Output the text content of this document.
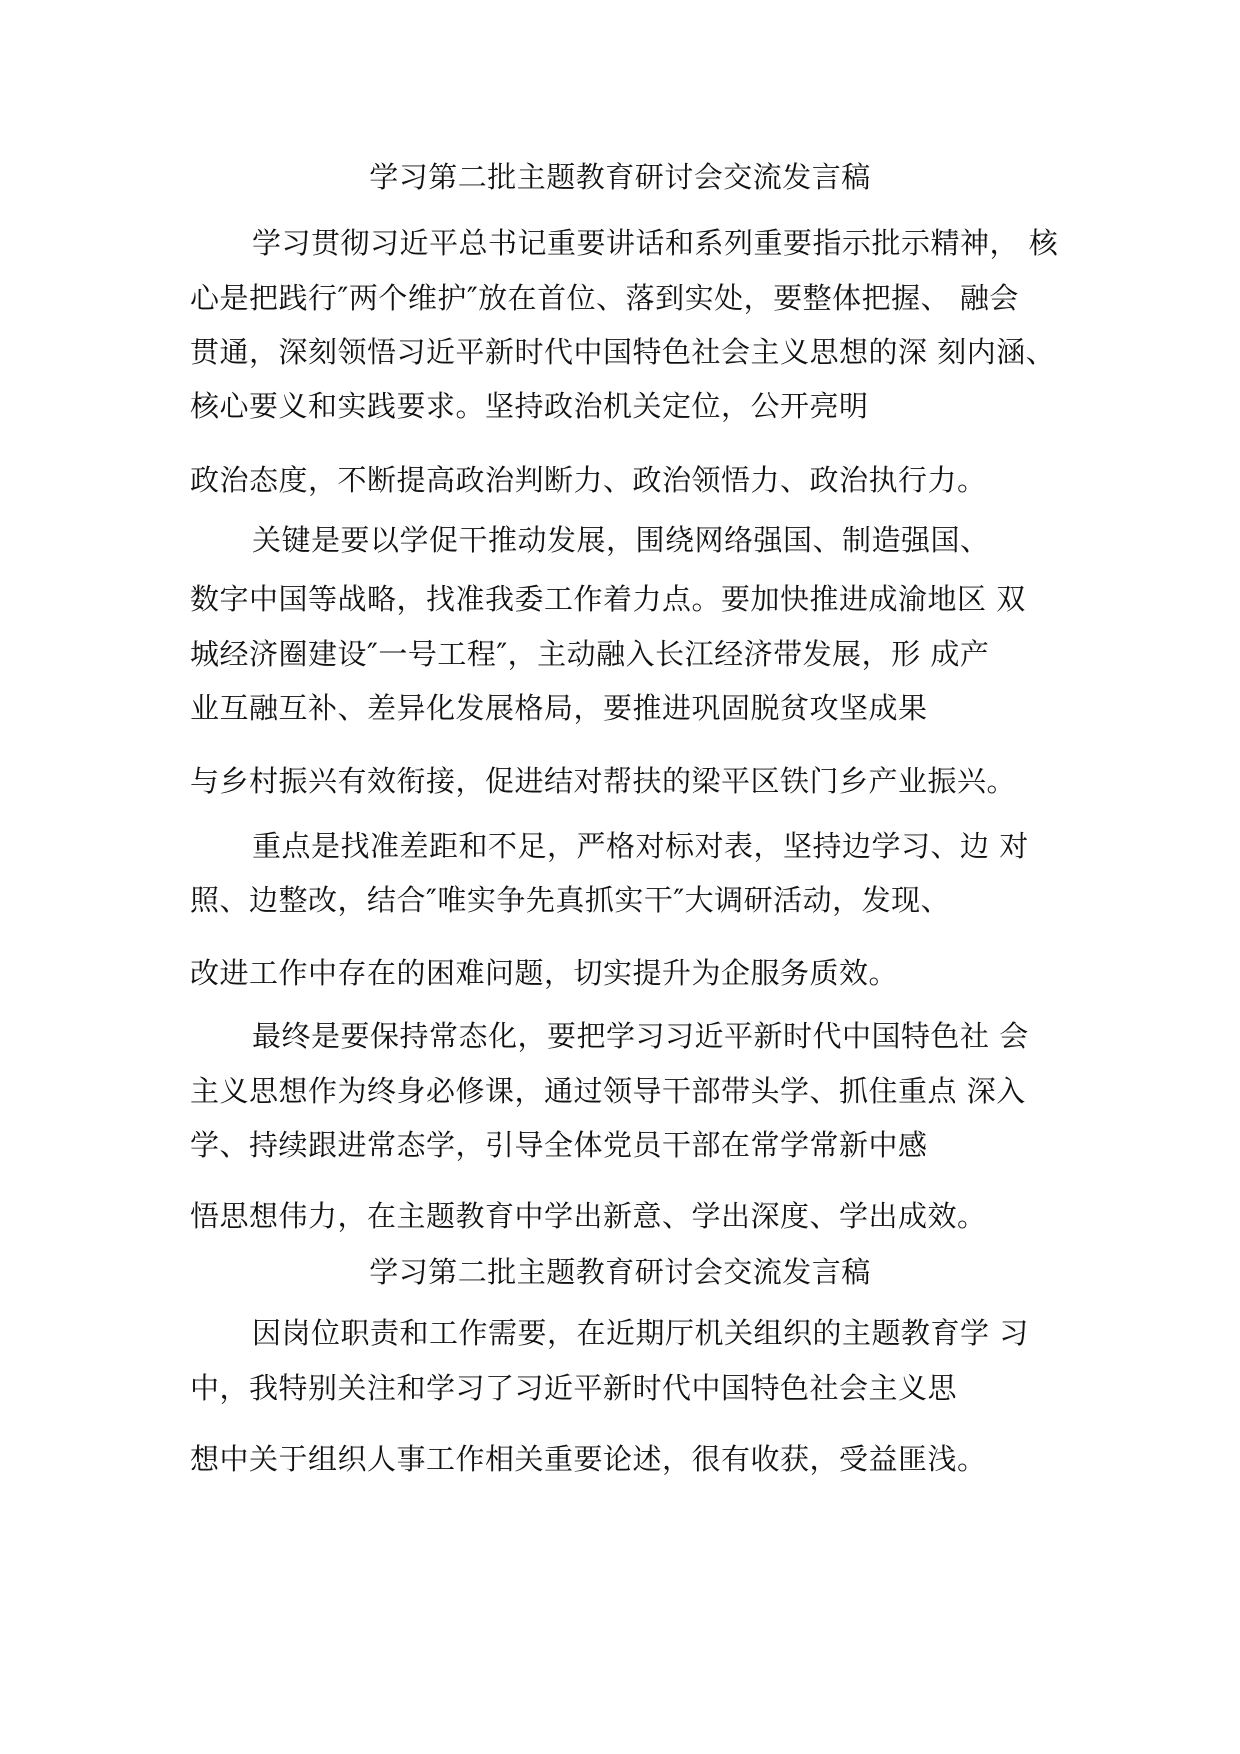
学习第二批主题教育研讨会交流发言稿
学习贯彻习近平总书记重要讲话和系列重要指示批示精神， 核
心是把践行″两个维护″放在首位、落到实处，要整体把握、 融会
贯通，深刻领悟习近平新时代中国特色社会主义思想的深 刻内涵、
核心要义和实践要求。坚持政治机关定位，公开亮明
政治态度，不断提高政治判断力、政治领悟力、政治执行力。
关键是要以学促干推动发展，围绕网络强国、制造强国、
数字中国等战略，找准我委工作着力点。要加快推进成渝地区 双
城经济圈建设″一号工程″，主动融入长江经济带发展，形 成产
业互融互补、差异化发展格局，要推进巩固脱贫攻坚成果
与乡村振兴有效衔接，促进结对帮扶的梁平区铁门乡产业振兴。
重点是找准差距和不足，严格对标对表，坚持边学习、边 对
照、边整改，结合″唯实争先真抓实干″大调研活动，发现、
改进工作中存在的困难问题，切实提升为企服务质效。
最终是要保持常态化，要把学习习近平新时代中国特色社 会
主义思想作为终身必修课，通过领导干部带头学、抓住重点 深入
学、持续跟进常态学，引导全体党员干部在常学常新中感
悟思想伟力，在主题教育中学出新意、学出深度、学出成效。
学习第二批主题教育研讨会交流发言稿
因岗位职责和工作需要，在近期厅机关组织的主题教育学 习
中，我特别关注和学习了习近平新时代中国特色社会主义思
想中关于组织人事工作相关重要论述，很有收获，受益匪浅。
